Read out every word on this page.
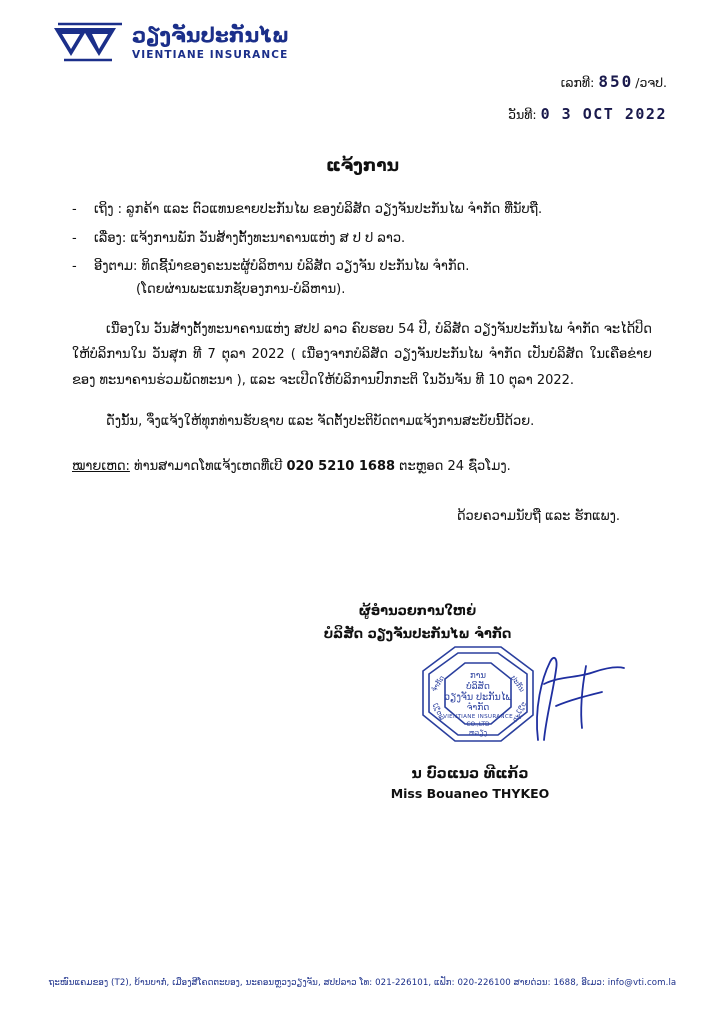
ວຽງຈັນປະກັນໄພ
VIENTIANE INSURANCE
ເລກທີ: 850 /ວຈປ.
ວັນທີ: 0 3 OCT 2022
ແຈ້ງການ
-	ເຖິງ : ລູກຄ້າ ແລະ ຕົວແທນຂາຍປະກັນໄພ ຂອງບໍລິສັດ ວຽງຈັນປະກັນໄພ ຈຳກັດ ທີ່ນັບຖື.
-	ເລື່ອງ: ແຈ້ງການພັກ ວັນສ້າງຕັ້ງທະນາຄານແຫ່ງ ສ ປ ປ ລາວ.
-	ອີງຕາມ: ທິດຊີ້ນຳຂອງຄະນະຜູ້ບໍລິຫານ ບໍລິສັດ ວຽງຈັນ ປະກັນໄພ ຈຳກັດ.
(ໂດຍຜ່ານພະແນກຊັບອງການ-ບໍລິຫານ).
ເນື່ອງໃນ ວັນສ້າງຕັ້ງທະນາຄານແຫ່ງ ສປປ ລາວ ຄົບຮອບ 54 ປີ, ບໍລິສັດ ວຽງຈັນປະກັນໄພ ຈຳກັດ ຈະໄດ້ປິດໃຫ້ບໍລິການໃນ ວັນສຸກ ທີ 7 ຕຸລາ 2022 ( ເນື່ອງຈາກບໍລິສັດ ວຽງຈັນປະກັນໄພ ຈຳກັດ ເປັນບໍລິສັດ ໃນເຄືອຂ່າຍຂອງ ທະນາຄານຮ່ວມພັດທະນາ ), ແລະ ຈະເປີດໃຫ້ບໍລິການປົກກະຕິ ໃນວັນຈັນ ທີ 10 ຕຸລາ 2022.
ດັ່ງນັ້ນ, ຈຶ່ງແຈ້ງໃຫ້ທຸກທ່ານຮັບຊາບ ແລະ ຈັດຕັ້ງປະຕິບັດຕາມແຈ້ງການສະບັບນີ້ດ້ວຍ.
ໝາຍເຫດ: ທ່ານສາມາດໂທແຈ້ງເຫດທີ່ເບີ 020 5210 1688 ຕະຫຼອດ 24 ຊົ່ວໂມງ.
ດ້ວຍຄວາມນັບຖື ແລະ ຮັກແພງ.
ຜູ້ອຳນວຍການໃຫຍ່
ບໍລິສັດ ວຽງຈັນປະກັນໄພ ຈຳກັດ
ການ
ບໍລິສັດ
ວຽງຈັນ ປະກັນໄພ
ຈຳກັດ
VIENTIANE INSURANCE
CO.,LTD
ຫວຽງ
ຈຳກັດ	ປະກັນ
ຫວຽງ	ວຽງຈັນ
ນ ບົວແນວ ທີແກ້ວ
Miss Bouaneo THYKEO
ຖະໜົນແຄມຂອງ (T2), ບ້ານບາກໍ່, ເມືອງສີໂຄດຕະບອງ, ນະຄອນຫຼວງວຽງຈັນ, ສປປລາວ ໂທ: 021-226101, ແຟັກ: 020-226100 ສາຍດ່ວນ: 1688, ອີເມວ: info@vti.com.la
